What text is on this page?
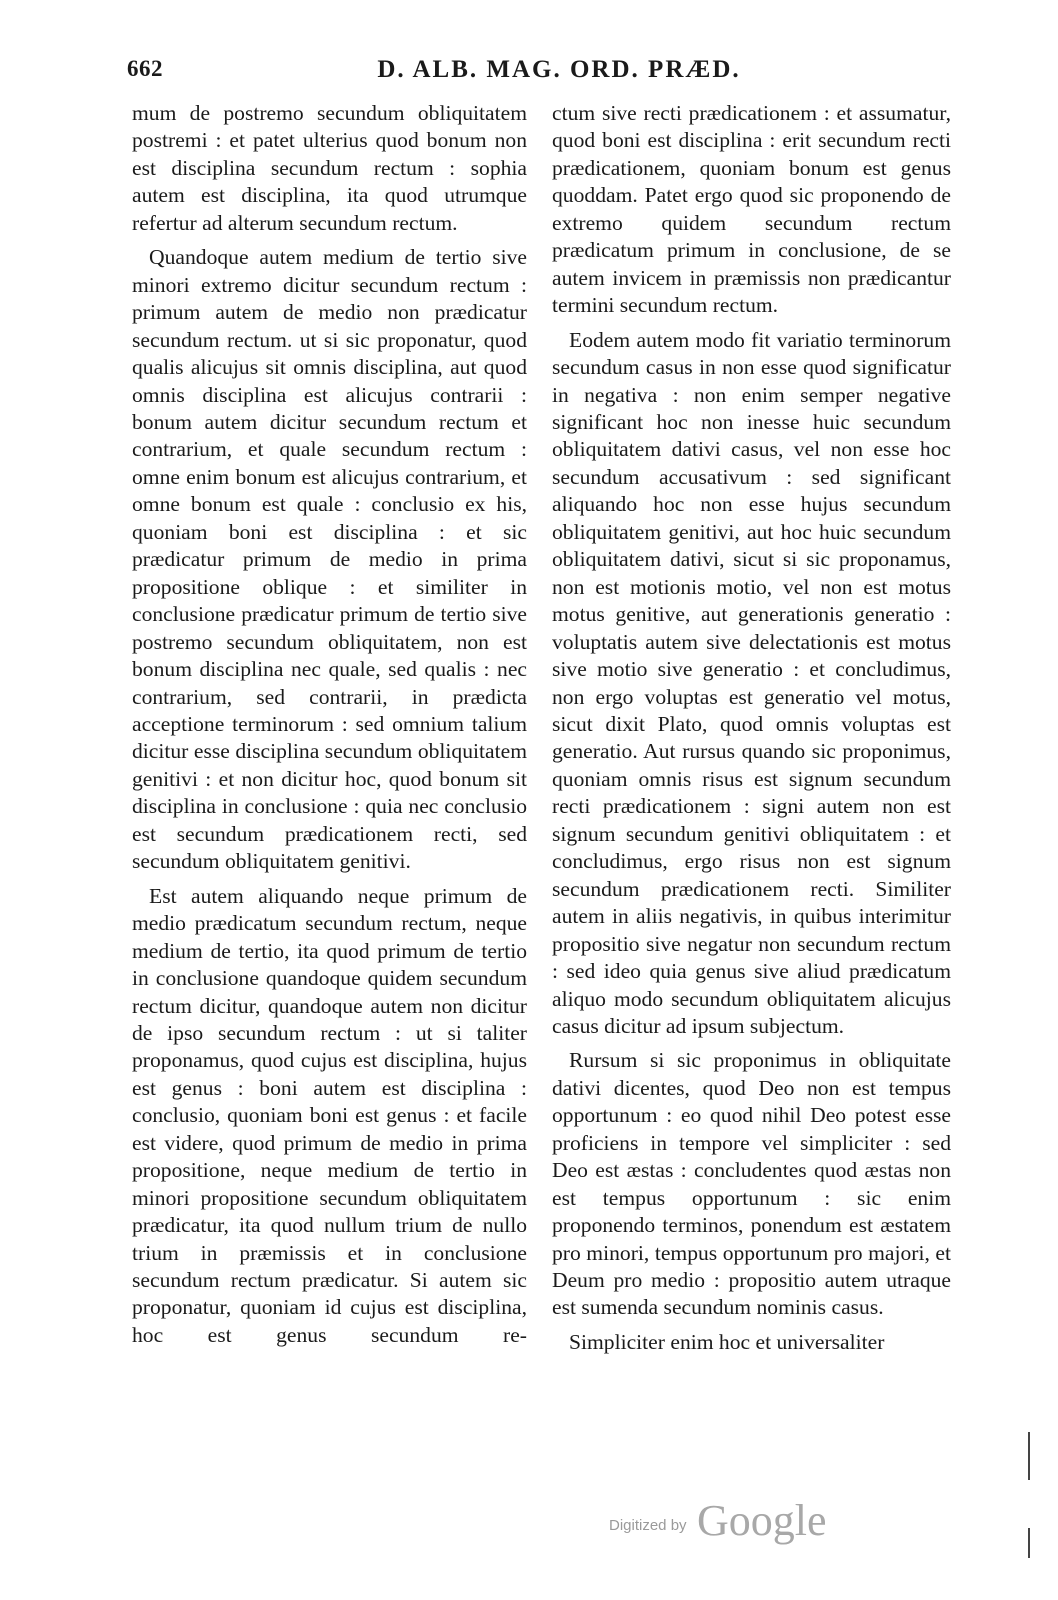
662	D. ALB. MAG. ORD. PRÆD.

mum de postremo secundum obliquitatem postremi : et patet ulterius quod bonum non est disciplina secundum rectum : sophia autem est disciplina, ita quod utrumque refertur ad alterum secundum rectum.

Quandoque autem medium de tertio sive minori extremo dicitur secundum rectum : primum autem de medio non prædicatur secundum rectum. ut si sic proponatur, quod qualis alicujus sit omnis disciplina, aut quod omnis disciplina est alicujus contrarii : bonum autem dicitur secundum rectum et contrarium, et quale secundum rectum : omne enim bonum est alicujus contrarium, et omne bonum est quale : conclusio ex his, quoniam boni est disciplina : et sic prædicatur primum de medio in prima propositione oblique : et similiter in conclusione prædicatur primum de tertio sive postremo secundum obliquitatem, non est bonum disciplina nec quale, sed qualis : nec contrarium, sed contrarii, in prædicta acceptione terminorum : sed omnium talium dicitur esse disciplina secundum obliquitatem genitivi : et non dicitur hoc, quod bonum sit disciplina in conclusione : quia nec conclusio est secundum prædicationem recti, sed secundum obliquitatem genitivi.

Est autem aliquando neque primum de medio prædicatum secundum rectum, neque medium de tertio, ita quod primum de tertio in conclusione quandoque quidem secundum rectum dicitur, quandoque autem non dicitur de ipso secundum rectum : ut si taliter proponamus, quod cujus est disciplina, hujus est genus : boni autem est disciplina : conclusio, quoniam boni est genus : et facile est videre, quod primum de medio in prima propositione, neque medium de tertio in minori propositione secundum obliquitatem prædicatur, ita quod nullum trium de nullo trium in præmissis et in conclusione secundum rectum prædicatur. Si autem sic proponatur, quoniam id cujus est disciplina, hoc est genus secundum re-

ctum sive recti prædicationem : et assumatur, quod boni est disciplina : erit secundum recti prædicationem, quoniam bonum est genus quoddam. Patet ergo quod sic proponendo de extremo quidem secundum rectum prædicatum primum in conclusione, de se autem invicem in præmissis non prædicantur termini secundum rectum.

Eodem autem modo fit variatio terminorum secundum casus in non esse quod significatur in negativa : non enim semper negative significant hoc non inesse huic secundum obliquitatem dativi casus, vel non esse hoc secundum accusativum : sed significant aliquando hoc non esse hujus secundum obliquitatem genitivi, aut hoc huic secundum obliquitatem dativi, sicut si sic proponamus, non est motionis motio, vel non est motus motus genitive, aut generationis generatio : voluptatis autem sive delectationis est motus sive motio sive generatio : et concludimus, non ergo voluptas est generatio vel motus, sicut dixit Plato, quod omnis voluptas est generatio. Aut rursus quando sic proponimus, quoniam omnis risus est signum secundum recti prædicationem : signi autem non est signum secundum genitivi obliquitatem : et concludimus, ergo risus non est signum secundum prædicationem recti. Similiter autem in aliis negativis, in quibus interimitur propositio sive negatur non secundum rectum : sed ideo quia genus sive aliud prædicatum aliquo modo secundum obliquitatem alicujus casus dicitur ad ipsum subjectum.

Rursum si sic proponimus in obliquitate dativi dicentes, quod Deo non est tempus opportunum : eo quod nihil Deo potest esse proficiens in tempore vel simpliciter : sed Deo est æstas : concludentes quod æstas non est tempus opportunum : sic enim proponendo terminos, ponendum est æstatem pro minori, tempus opportunum pro majori, et Deum pro medio : propositio autem utraque est sumenda secundum nominis casus.

Simpliciter enim hoc et universaliter

Digitized by Google
